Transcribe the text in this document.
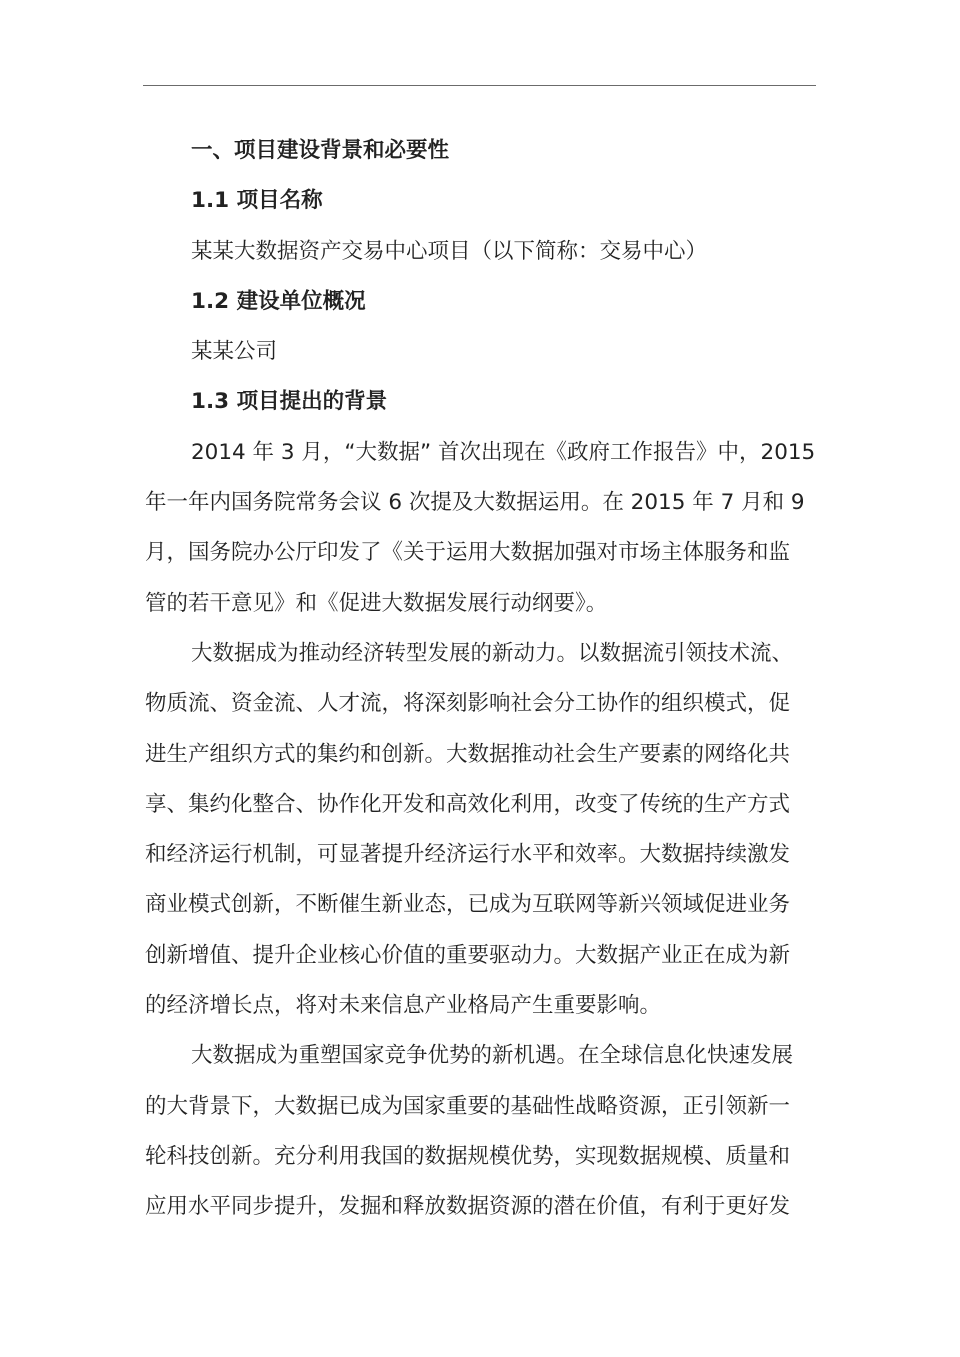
一、项目建设背景和必要性
1.1 项目名称
某某大数据资产交易中心项目（以下简称：交易中心）
1.2 建设单位概况
某某公司
1.3 项目提出的背景
2014 年 3 月，“大数据” 首次出现在《政府工作报告》中，2015
年一年内国务院常务会议 6 次提及大数据运用。在 2015 年 7 月和 9
月，国务院办公厅印发了《关于运用大数据加强对市场主体服务和监
管的若干意见》和《促进大数据发展行动纲要》。
大数据成为推动经济转型发展的新动力。以数据流引领技术流、
物质流、资金流、人才流，将深刻影响社会分工协作的组织模式，促
进生产组织方式的集约和创新。大数据推动社会生产要素的网络化共
享、集约化整合、协作化开发和高效化利用，改变了传统的生产方式
和经济运行机制，可显著提升经济运行水平和效率。大数据持续激发
商业模式创新，不断催生新业态，已成为互联网等新兴领域促进业务
创新增值、提升企业核心价值的重要驱动力。大数据产业正在成为新
的经济增长点，将对未来信息产业格局产生重要影响。
大数据成为重塑国家竞争优势的新机遇。在全球信息化快速发展
的大背景下，大数据已成为国家重要的基础性战略资源，正引领新一
轮科技创新。充分利用我国的数据规模优势，实现数据规模、质量和
应用水平同步提升，发掘和释放数据资源的潜在价值，有利于更好发
